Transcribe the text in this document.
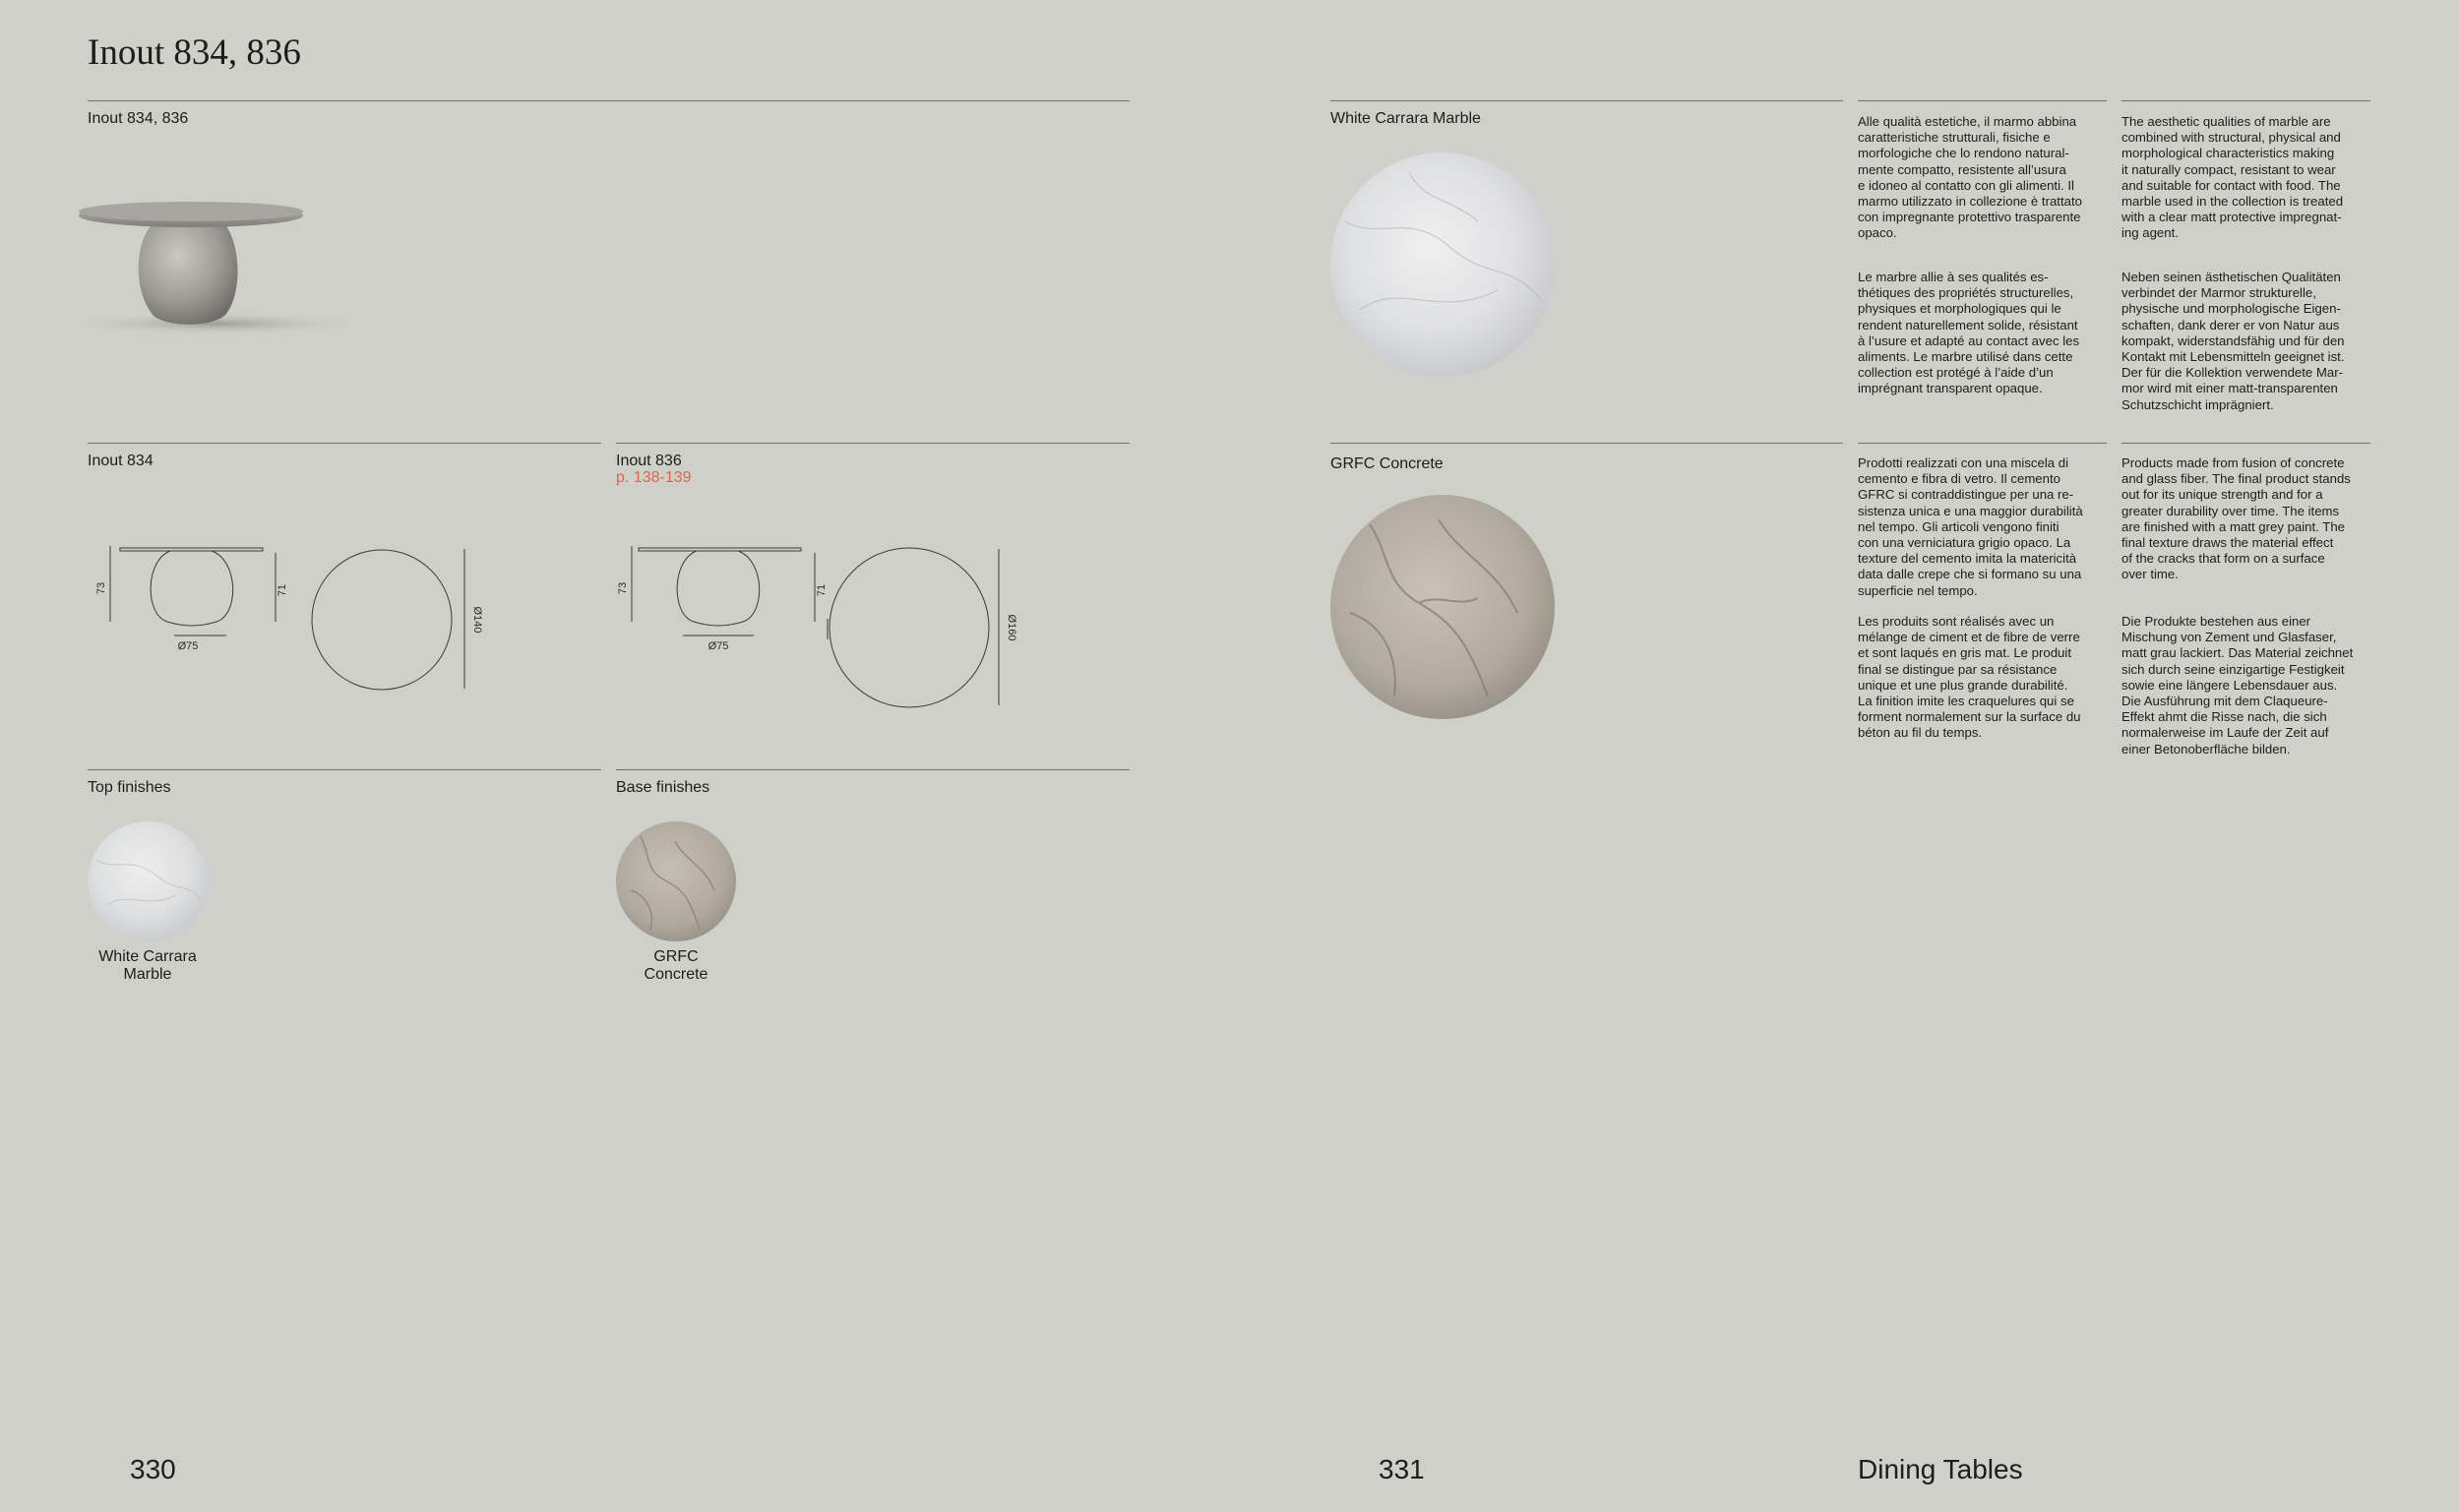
Inout 834, 836
Inout 834, 836
Inout 834
73	71
Ø75
Ø140
Inout 836
p. 138-139
73	71
Ø75
Ø160
Top finishes	Base finishes
White Carrara
Marble
GRFC
Concrete
330
White Carrara Marble	Alle qualità estetiche, il marmo abbina
caratteristiche strutturali, fisiche e
morfologiche che lo rendono natural-
mente compatto, resistente all’usura
e idoneo al contatto con gli alimenti. Il
marmo utilizzato in collezione è trattato
con impregnante protettivo trasparente
opaco.
The aesthetic qualities of marble are
combined with structural, physical and
morphological characteristics making
it naturally compact, resistant to wear
and suitable for contact with food. The
marble used in the collection is treated
with a clear matt protective impregnat-
ing agent.
Le marbre allie à ses qualités es-
thétiques des propriétés structurelles,
physiques et morphologiques qui le
rendent naturellement solide, résistant
à l’usure et adapté au contact avec les
aliments. Le marbre utilisé dans cette
collection est protégé à l’aide d’un
imprégnant transparent opaque.
Neben seinen ästhetischen Qualitäten
verbindet der Marmor strukturelle,
physische und morphologische Eigen-
schaften, dank derer er von Natur aus
kompakt, widerstandsfähig und für den
Kontakt mit Lebensmitteln geeignet ist.
Der für die Kollektion verwendete Mar-
mor wird mit einer matt-transparenten
Schutzschicht imprägniert.
GRFC Concrete	Prodotti realizzati con una miscela di
cemento e fibra di vetro. Il cemento
GFRC si contraddistingue per una re-
sistenza unica e una maggior durabilità
nel tempo. Gli articoli vengono finiti
con una verniciatura grigio opaco. La
texture del cemento imita la matericità
data dalle crepe che si formano su una
superficie nel tempo.
Products made from fusion of concrete
and glass fiber. The final product stands
out for its unique strength and for a
greater durability over time. The items
are finished with a matt grey paint. The
final texture draws the material effect
of the cracks that form on a surface
over time.
Les produits sont réalisés avec un
mélange de ciment et de fibre de verre
et sont laqués en gris mat. Le produit
final se distingue par sa résistance
unique et une plus grande durabilité.
La finition imite les craquelures qui se
forment normalement sur la surface du
béton au fil du temps.
Die Produkte bestehen aus einer
Mischung von Zement und Glasfaser,
matt grau lackiert. Das Material zeichnet
sich durch seine einzigartige Festigkeit
sowie eine längere Lebensdauer aus.
Die Ausführung mit dem Claqueure-
Effekt ahmt die Risse nach, die sich
normalerweise im Laufe der Zeit auf
einer Betonoberfläche bilden.
331	Dining Tables
